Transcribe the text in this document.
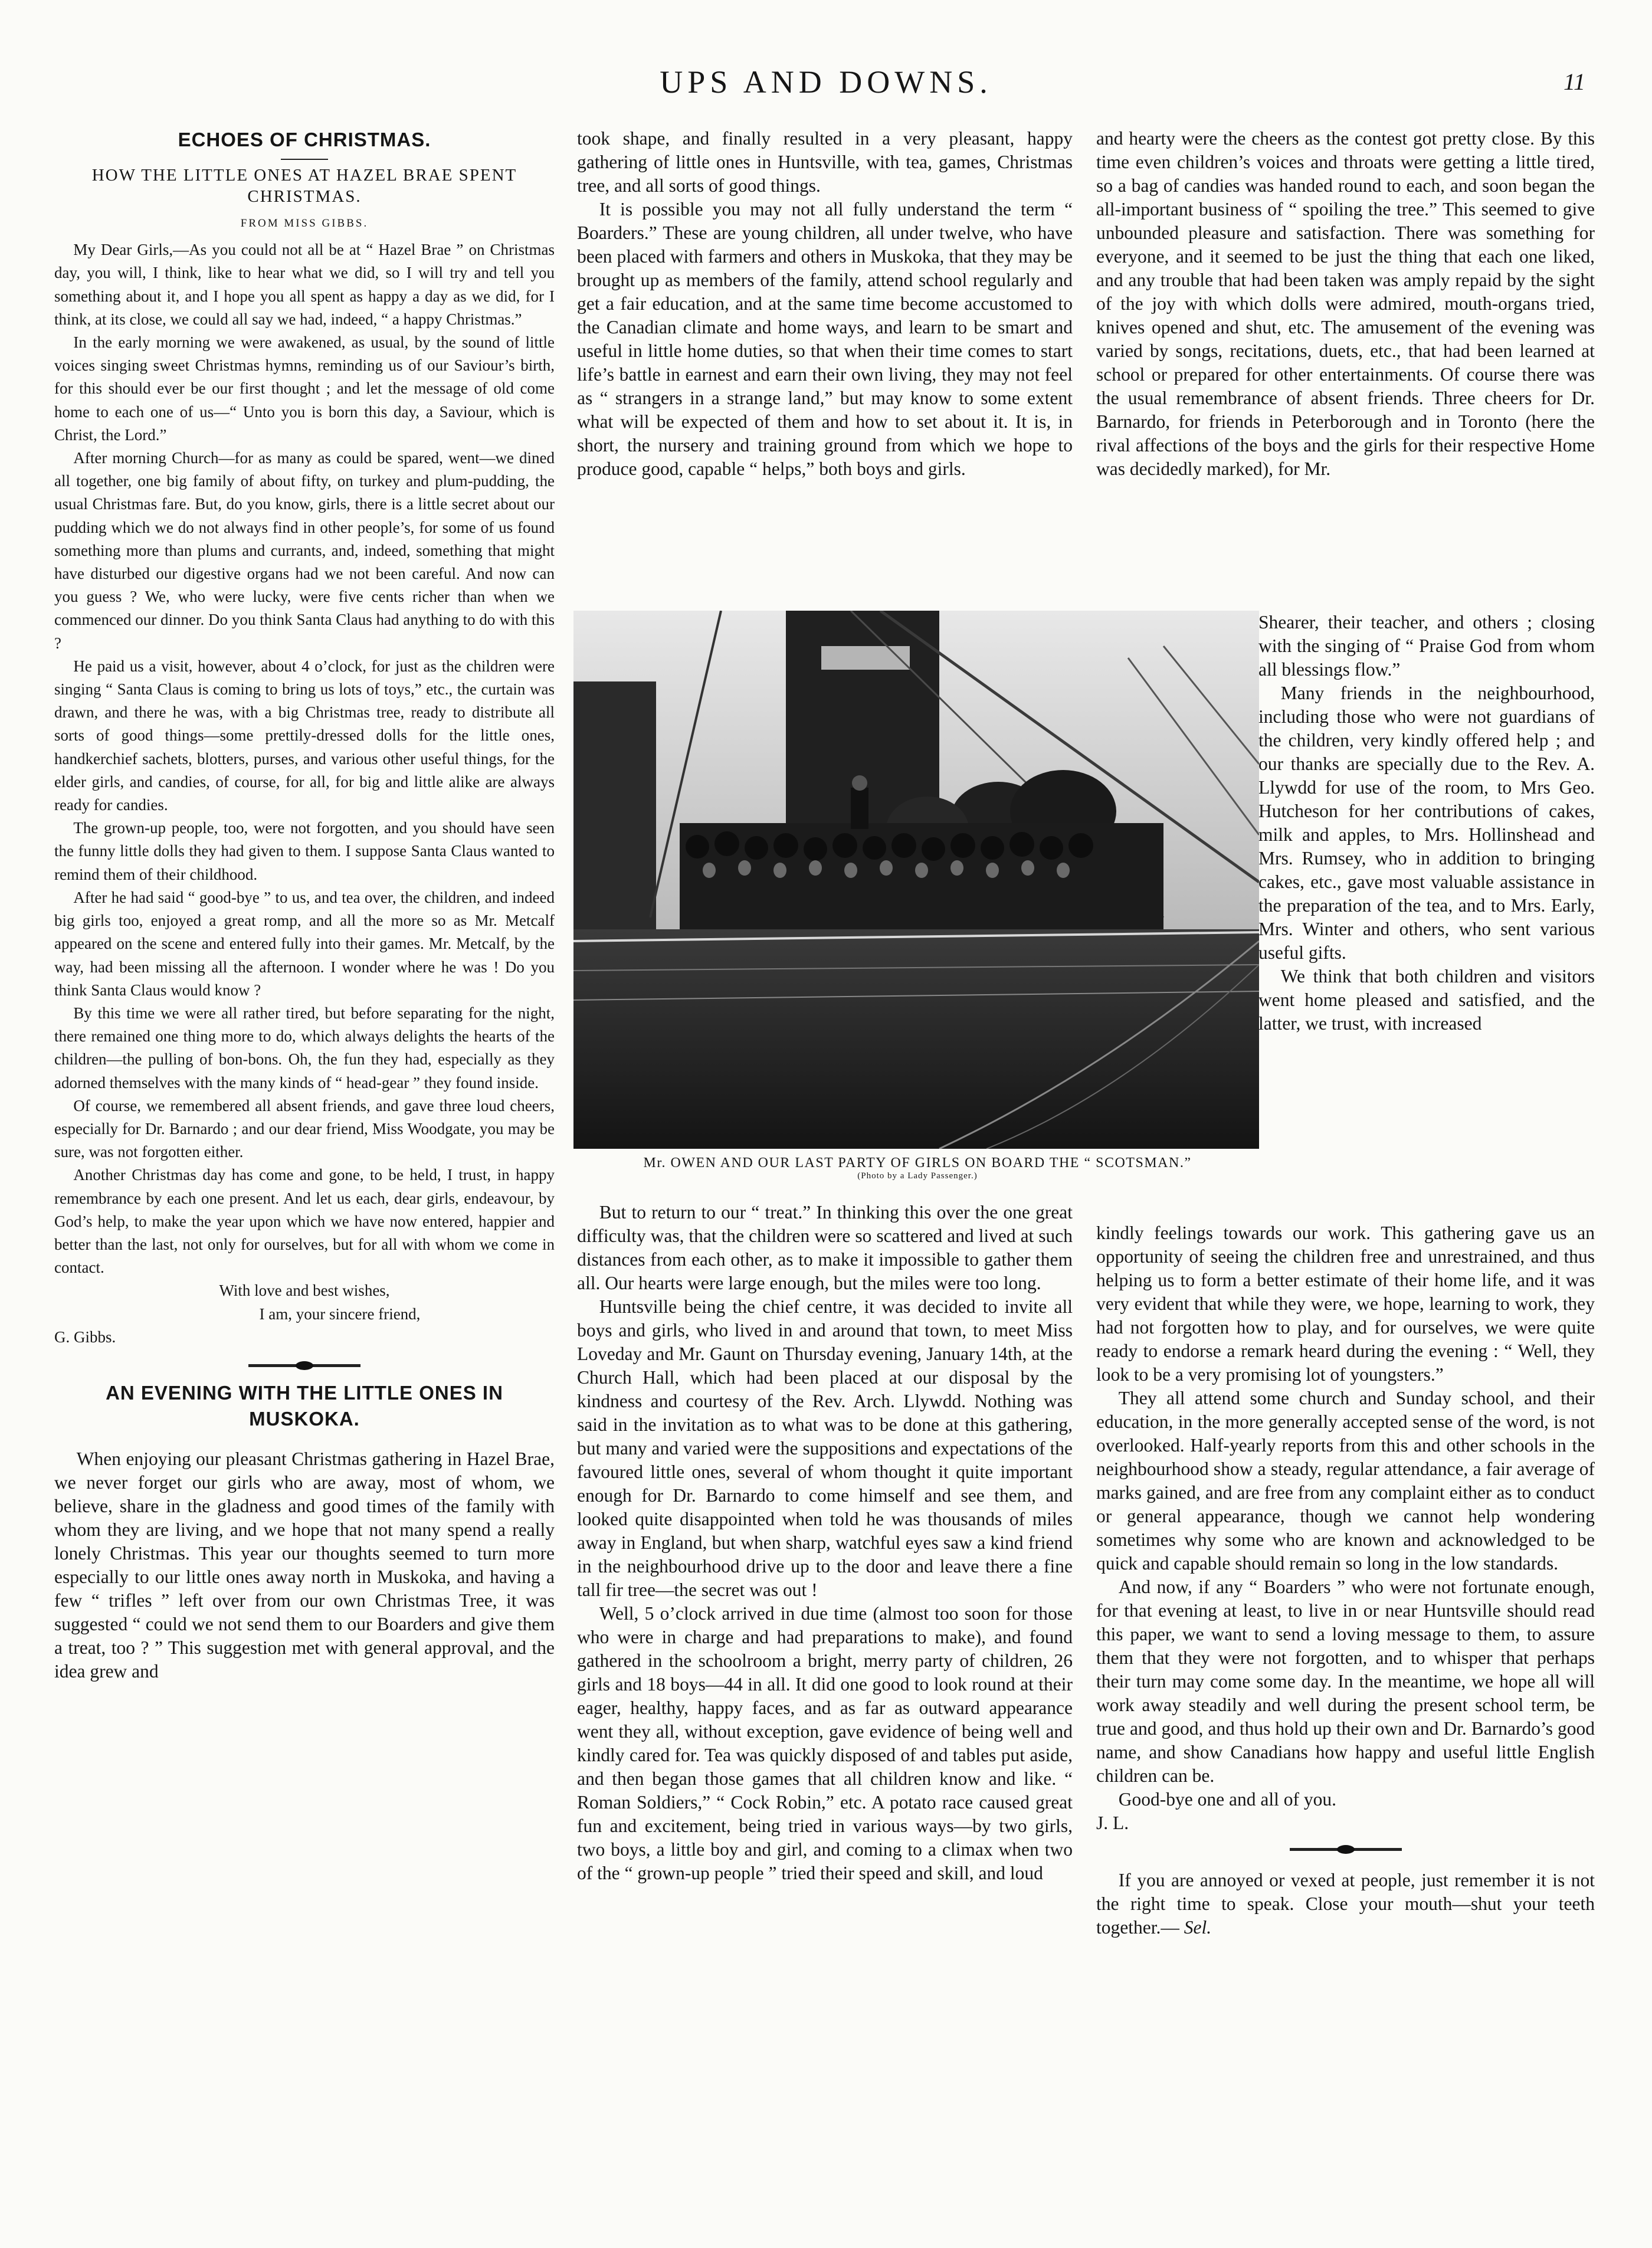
UPS AND DOWNS.	11
ECHOES OF CHRISTMAS.
HOW THE LITTLE ONES AT HAZEL BRAE SPENT CHRISTMAS.
FROM MISS GIBBS.

My Dear Girls,—As you could not all be at “ Hazel Brae ” on Christmas day, you will, I think, like to hear what we did, so I will try and tell you something about it, and I hope you all spent as happy a day as we did, for I think, at its close, we could all say we had, indeed, “ a happy Christmas.”

In the early morning we were awakened, as usual, by the sound of little voices singing sweet Christmas hymns, reminding us of our Saviour’s birth, for this should ever be our first thought ; and let the message of old come home to each one of us—“ Unto you is born this day, a Saviour, which is Christ, the Lord.”

After morning Church—for as many as could be spared, went—we dined all together, one big family of about fifty, on turkey and plum-pudding, the usual Christmas fare. But, do you know, girls, there is a little secret about our pudding which we do not always find in other people’s, for some of us found something more than plums and currants, and, indeed, something that might have disturbed our digestive organs had we not been careful. And now can you guess ? We, who were lucky, were five cents richer than when we commenced our dinner. Do you think Santa Claus had anything to do with this ?

He paid us a visit, however, about 4 o’clock, for just as the children were singing “ Santa Claus is coming to bring us lots of toys,” etc., the curtain was drawn, and there he was, with a big Christmas tree, ready to distribute all sorts of good things—some prettily-dressed dolls for the little ones, handkerchief sachets, blotters, purses, and various other useful things, for the elder girls, and candies, of course, for all, for big and little alike are always ready for candies.

The grown-up people, too, were not forgotten, and you should have seen the funny little dolls they had given to them. I suppose Santa Claus wanted to remind them of their childhood.

After he had said “ good-bye ” to us, and tea over, the children, and indeed big girls too, enjoyed a great romp, and all the more so as Mr. Metcalf appeared on the scene and entered fully into their games. Mr. Metcalf, by the way, had been missing all the afternoon. I wonder where he was ! Do you think Santa Claus would know ?

By this time we were all rather tired, but before separating for the night, there remained one thing more to do, which always delights the hearts of the children—the pulling of bon-bons. Oh, the fun they had, especially as they adorned themselves with the many kinds of “ head-gear ” they found inside.

Of course, we remembered all absent friends, and gave three loud cheers, especially for Dr. Barnardo ; and our dear friend, Miss Woodgate, you may be sure, was not forgotten either.

Another Christmas day has come and gone, to be held, I trust, in happy remembrance by each one present. And let us each, dear girls, endeavour, by God’s help, to make the year upon which we have now entered, happier and better than the last, not only for ourselves, but for all with whom we come in contact.

With love and best wishes,

I am, your sincere friend,

G. Gibbs.

AN EVENING WITH THE LITTLE ONES IN MUSKOKA.

When enjoying our pleasant Christmas gathering in Hazel Brae, we never forget our girls who are away, most of whom, we believe, share in the gladness and good times of the family with whom they are living, and we hope that not many spend a really lonely Christmas. This year our thoughts seemed to turn more especially to our little ones away north in Muskoka, and having a few “ trifles ” left over from our own Christmas Tree, it was suggested “ could we not send them to our Boarders and give them a treat, too ? ” This suggestion met with general approval, and the idea grew and

took shape, and finally resulted in a very pleasant, happy gathering of little ones in Huntsville, with tea, games, Christmas tree, and all sorts of good things.

It is possible you may not all fully understand the term “ Boarders.” These are young children, all under twelve, who have been placed with farmers and others in Muskoka, that they may be brought up as members of the family, attend school regularly and get a fair education, and at the same time become accustomed to the Canadian climate and home ways, and learn to be smart and useful in little home duties, so that when their time comes to start life’s battle in earnest and earn their own living, they may not feel as “ strangers in a strange land,” but may know to some extent what will be expected of them and how to set about it. It is, in short, the nursery and training ground from which we hope to produce good, capable “ helps,” both boys and girls.

Mr. OWEN AND OUR LAST PARTY OF GIRLS ON BOARD THE “ SCOTSMAN.”
(Photo by a Lady Passenger.)

But to return to our “ treat.” In thinking this over the one great difficulty was, that the children were so scattered and lived at such distances from each other, as to make it impossible to gather them all. Our hearts were large enough, but the miles were too long.

Huntsville being the chief centre, it was decided to invite all boys and girls, who lived in and around that town, to meet Miss Loveday and Mr. Gaunt on Thursday evening, January 14th, at the Church Hall, which had been placed at our disposal by the kindness and courtesy of the Rev. Arch. Llywdd. Nothing was said in the invitation as to what was to be done at this gathering, but many and varied were the suppositions and expectations of the favoured little ones, several of whom thought it quite important enough for Dr. Barnardo to come himself and see them, and looked quite disappointed when told he was thousands of miles away in England, but when sharp, watchful eyes saw a kind friend in the neighbourhood drive up to the door and leave there a fine tall fir tree—the secret was out !

Well, 5 o’clock arrived in due time (almost too soon for those who were in charge and had preparations to make), and found gathered in the schoolroom a bright, merry party of children, 26 girls and 18 boys—44 in all. It did one good to look round at their eager, healthy, happy faces, and as far as outward appearance went they all, without exception, gave evidence of being well and kindly cared for. Tea was quickly disposed of and tables put aside, and then began those games that all children know and like. “ Roman Soldiers,” “ Cock Robin,” etc. A potato race caused great fun and excitement, being tried in various ways—by two girls, two boys, a little boy and girl, and coming to a climax when two of the “ grown-up people ” tried their speed and skill, and loud

and hearty were the cheers as the contest got pretty close. By this time even children’s voices and throats were getting a little tired, so a bag of candies was handed round to each, and soon began the all-important business of “ spoiling the tree.” This seemed to give unbounded pleasure and satisfaction. There was something for everyone, and it seemed to be just the thing that each one liked, and any trouble that had been taken was amply repaid by the sight of the joy with which dolls were admired, mouth-organs tried, knives opened and shut, etc. The amusement of the evening was varied by songs, recitations, duets, etc., that had been learned at school or prepared for other entertainments. Of course there was the usual remembrance of absent friends. Three cheers for Dr. Barnardo, for friends in Peterborough and in Toronto (here the rival affections of the boys and the girls for their respective Home was decidedly marked), for Mr.

Shearer, their teacher, and others ; closing with the singing of “ Praise God from whom all blessings flow.”

Many friends in the neighbourhood, including those who were not guardians of the children, very kindly offered help ; and our thanks are specially due to the Rev. A. Llywdd for use of the room, to Mrs Geo. Hutcheson for her contributions of cakes, milk and apples, to Mrs. Hollinshead and Mrs. Rumsey, who in addition to bringing cakes, etc., gave most valuable assistance in the preparation of the tea, and to Mrs. Early, Mrs. Winter and others, who sent various useful gifts.

We think that both children and visitors went home pleased and satisfied, and the latter, we trust, with increased

kindly feelings towards our work. This gathering gave us an opportunity of seeing the children free and unrestrained, and thus helping us to form a better estimate of their home life, and it was very evident that while they were, we hope, learning to work, they had not forgotten how to play, and for ourselves, we were quite ready to endorse a remark heard during the evening : “ Well, they look to be a very promising lot of youngsters.”

They all attend some church and Sunday school, and their education, in the more generally accepted sense of the word, is not overlooked. Half-yearly reports from this and other schools in the neighbourhood show a steady, regular attendance, a fair average of marks gained, and are free from any complaint either as to conduct or general appearance, though we cannot help wondering sometimes why some who are known and acknowledged to be quick and capable should remain so long in the low standards.

And now, if any “ Boarders ” who were not fortunate enough, for that evening at least, to live in or near Huntsville should read this paper, we want to send a loving message to them, to assure them that they were not forgotten, and to whisper that perhaps their turn may come some day. In the meantime, we hope all will work away steadily and well during the present school term, be true and good, and thus hold up their own and Dr. Barnardo’s good name, and show Canadians how happy and useful little English children can be.

Good-bye one and all of you.

J. L.

If you are annoyed or vexed at people, just remember it is not the right time to speak. Close your mouth—shut your teeth together.— Sel.
